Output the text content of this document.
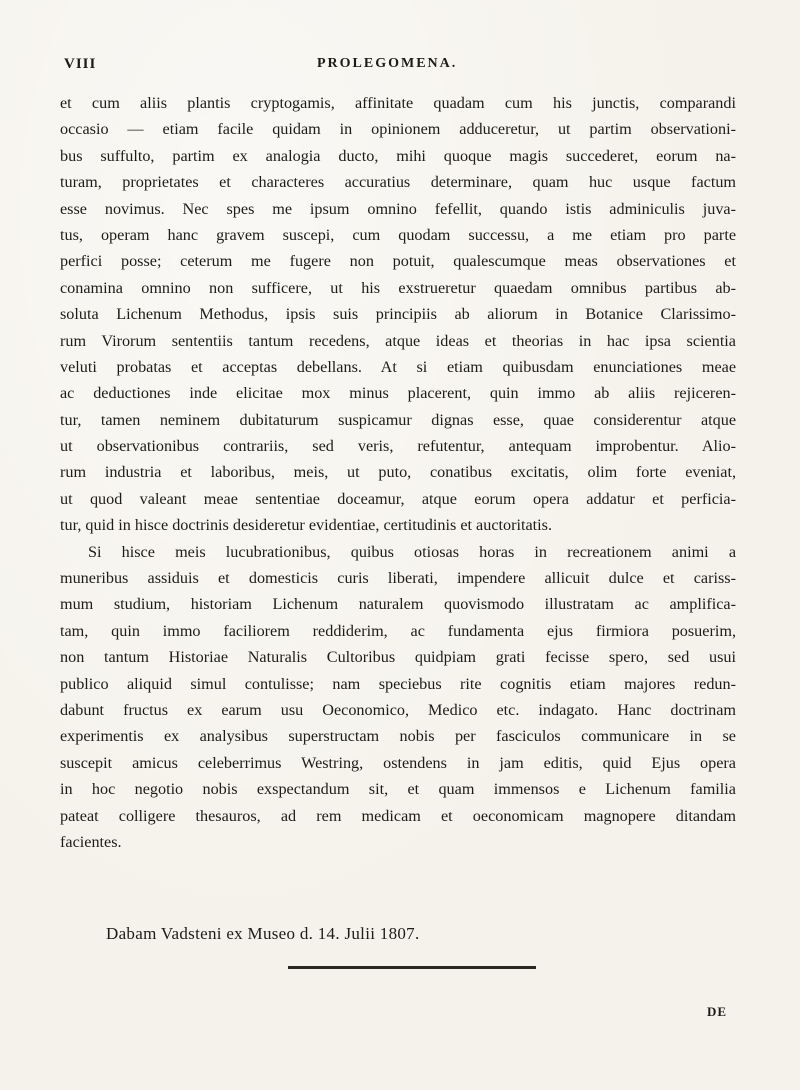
VIII	PROLEGOMENA.
et cum aliis plantis cryptogamis, affinitate quadam cum his junctis, comparandi
occasio — etiam facile quidam in opinionem adduceretur, ut partim observationi-
bus suffulto, partim ex analogia ducto, mihi quoque magis succederet, eorum na-
turam, proprietates et characteres accuratius determinare, quam huc usque factum
esse novimus. Nec spes me ipsum omnino fefellit, quando istis adminiculis juva-
tus, operam hanc gravem suscepi, cum quodam successu, a me etiam pro parte
perfici posse; ceterum me fugere non potuit, qualescumque meas observationes et
conamina omnino non sufficere, ut his exstrueretur quaedam omnibus partibus ab-
soluta Lichenum Methodus, ipsis suis principiis ab aliorum in Botanice Clarissimo-
rum Virorum sententiis tantum recedens, atque ideas et theorias in hac ipsa scientia
veluti probatas et acceptas debellans. At si etiam quibusdam enunciationes meae
ac deductiones inde elicitae mox minus placerent, quin immo ab aliis rejiceren-
tur, tamen neminem dubitaturum suspicamur dignas esse, quae considerentur atque
ut observationibus contrariis, sed veris, refutentur, antequam improbentur. Alio-
rum industria et laboribus, meis, ut puto, conatibus excitatis, olim forte eveniat,
ut quod valeant meae sententiae doceamur, atque eorum opera addatur et perficia-
tur, quid in hisce doctrinis desideretur evidentiae, certitudinis et auctoritatis.
Si hisce meis lucubrationibus, quibus otiosas horas in recreationem animi a
muneribus assiduis et domesticis curis liberati, impendere allicuit dulce et cariss-
mum studium, historiam Lichenum naturalem quovismodo illustratam ac amplifica-
tam, quin immo faciliorem reddiderim, ac fundamenta ejus firmiora posuerim,
non tantum Historiae Naturalis Cultoribus quidpiam grati fecisse spero, sed usui
publico aliquid simul contulisse; nam speciebus rite cognitis etiam majores redun-
dabunt fructus ex earum usu Oeconomico, Medico etc. indagato. Hanc doctrinam
experimentis ex analysibus superstructam nobis per fasciculos communicare in se
suscepit amicus celeberrimus Westring, ostendens in jam editis, quid Ejus opera
in hoc negotio nobis exspectandum sit, et quam immensos e Lichenum familia
pateat colligere thesauros, ad rem medicam et oeconomicam magnopere ditandam
facientes.
Dabam Vadsteni ex Museo d. 14. Julii 1807.
DE
